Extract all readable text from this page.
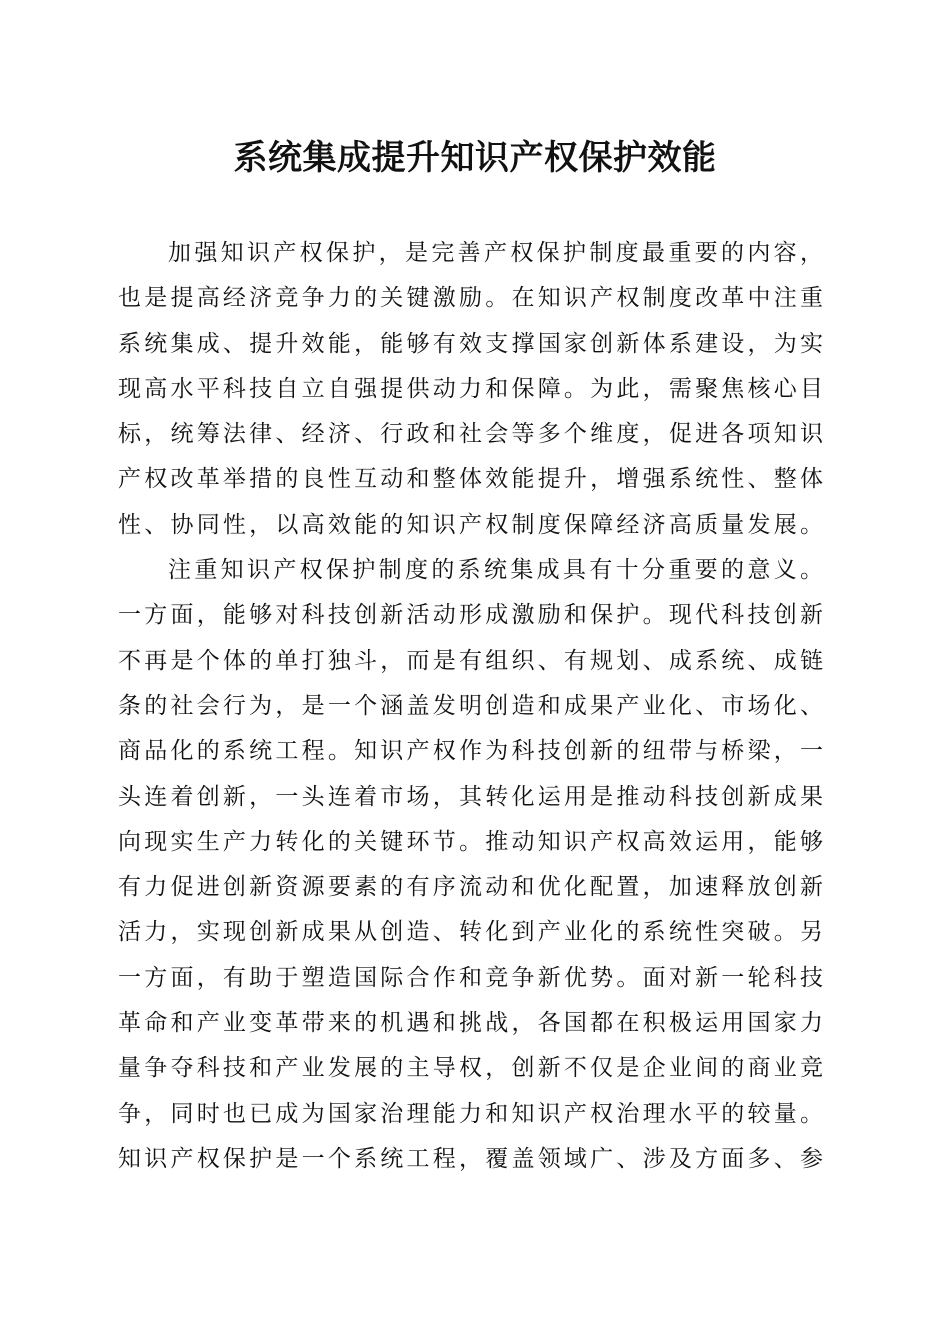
系统集成提升知识产权保护效能
加强知识产权保护，是完善产权保护制度最重要的内容，
也是提高经济竞争力的关键激励。在知识产权制度改革中注重
系统集成、提升效能，能够有效支撑国家创新体系建设，为实
现高水平科技自立自强提供动力和保障。为此，需聚焦核心目
标，统筹法律、经济、行政和社会等多个维度，促进各项知识
产权改革举措的良性互动和整体效能提升，增强系统性、整体
性、协同性，以高效能的知识产权制度保障经济高质量发展。
注重知识产权保护制度的系统集成具有十分重要的意义。
一方面，能够对科技创新活动形成激励和保护。现代科技创新
不再是个体的单打独斗，而是有组织、有规划、成系统、成链
条的社会行为，是一个涵盖发明创造和成果产业化、市场化、
商品化的系统工程。知识产权作为科技创新的纽带与桥梁，一
头连着创新，一头连着市场，其转化运用是推动科技创新成果
向现实生产力转化的关键环节。推动知识产权高效运用，能够
有力促进创新资源要素的有序流动和优化配置，加速释放创新
活力，实现创新成果从创造、转化到产业化的系统性突破。另
一方面，有助于塑造国际合作和竞争新优势。面对新一轮科技
革命和产业变革带来的机遇和挑战，各国都在积极运用国家力
量争夺科技和产业发展的主导权，创新不仅是企业间的商业竞
争，同时也已成为国家治理能力和知识产权治理水平的较量。
知识产权保护是一个系统工程，覆盖领域广、涉及方面多、参
